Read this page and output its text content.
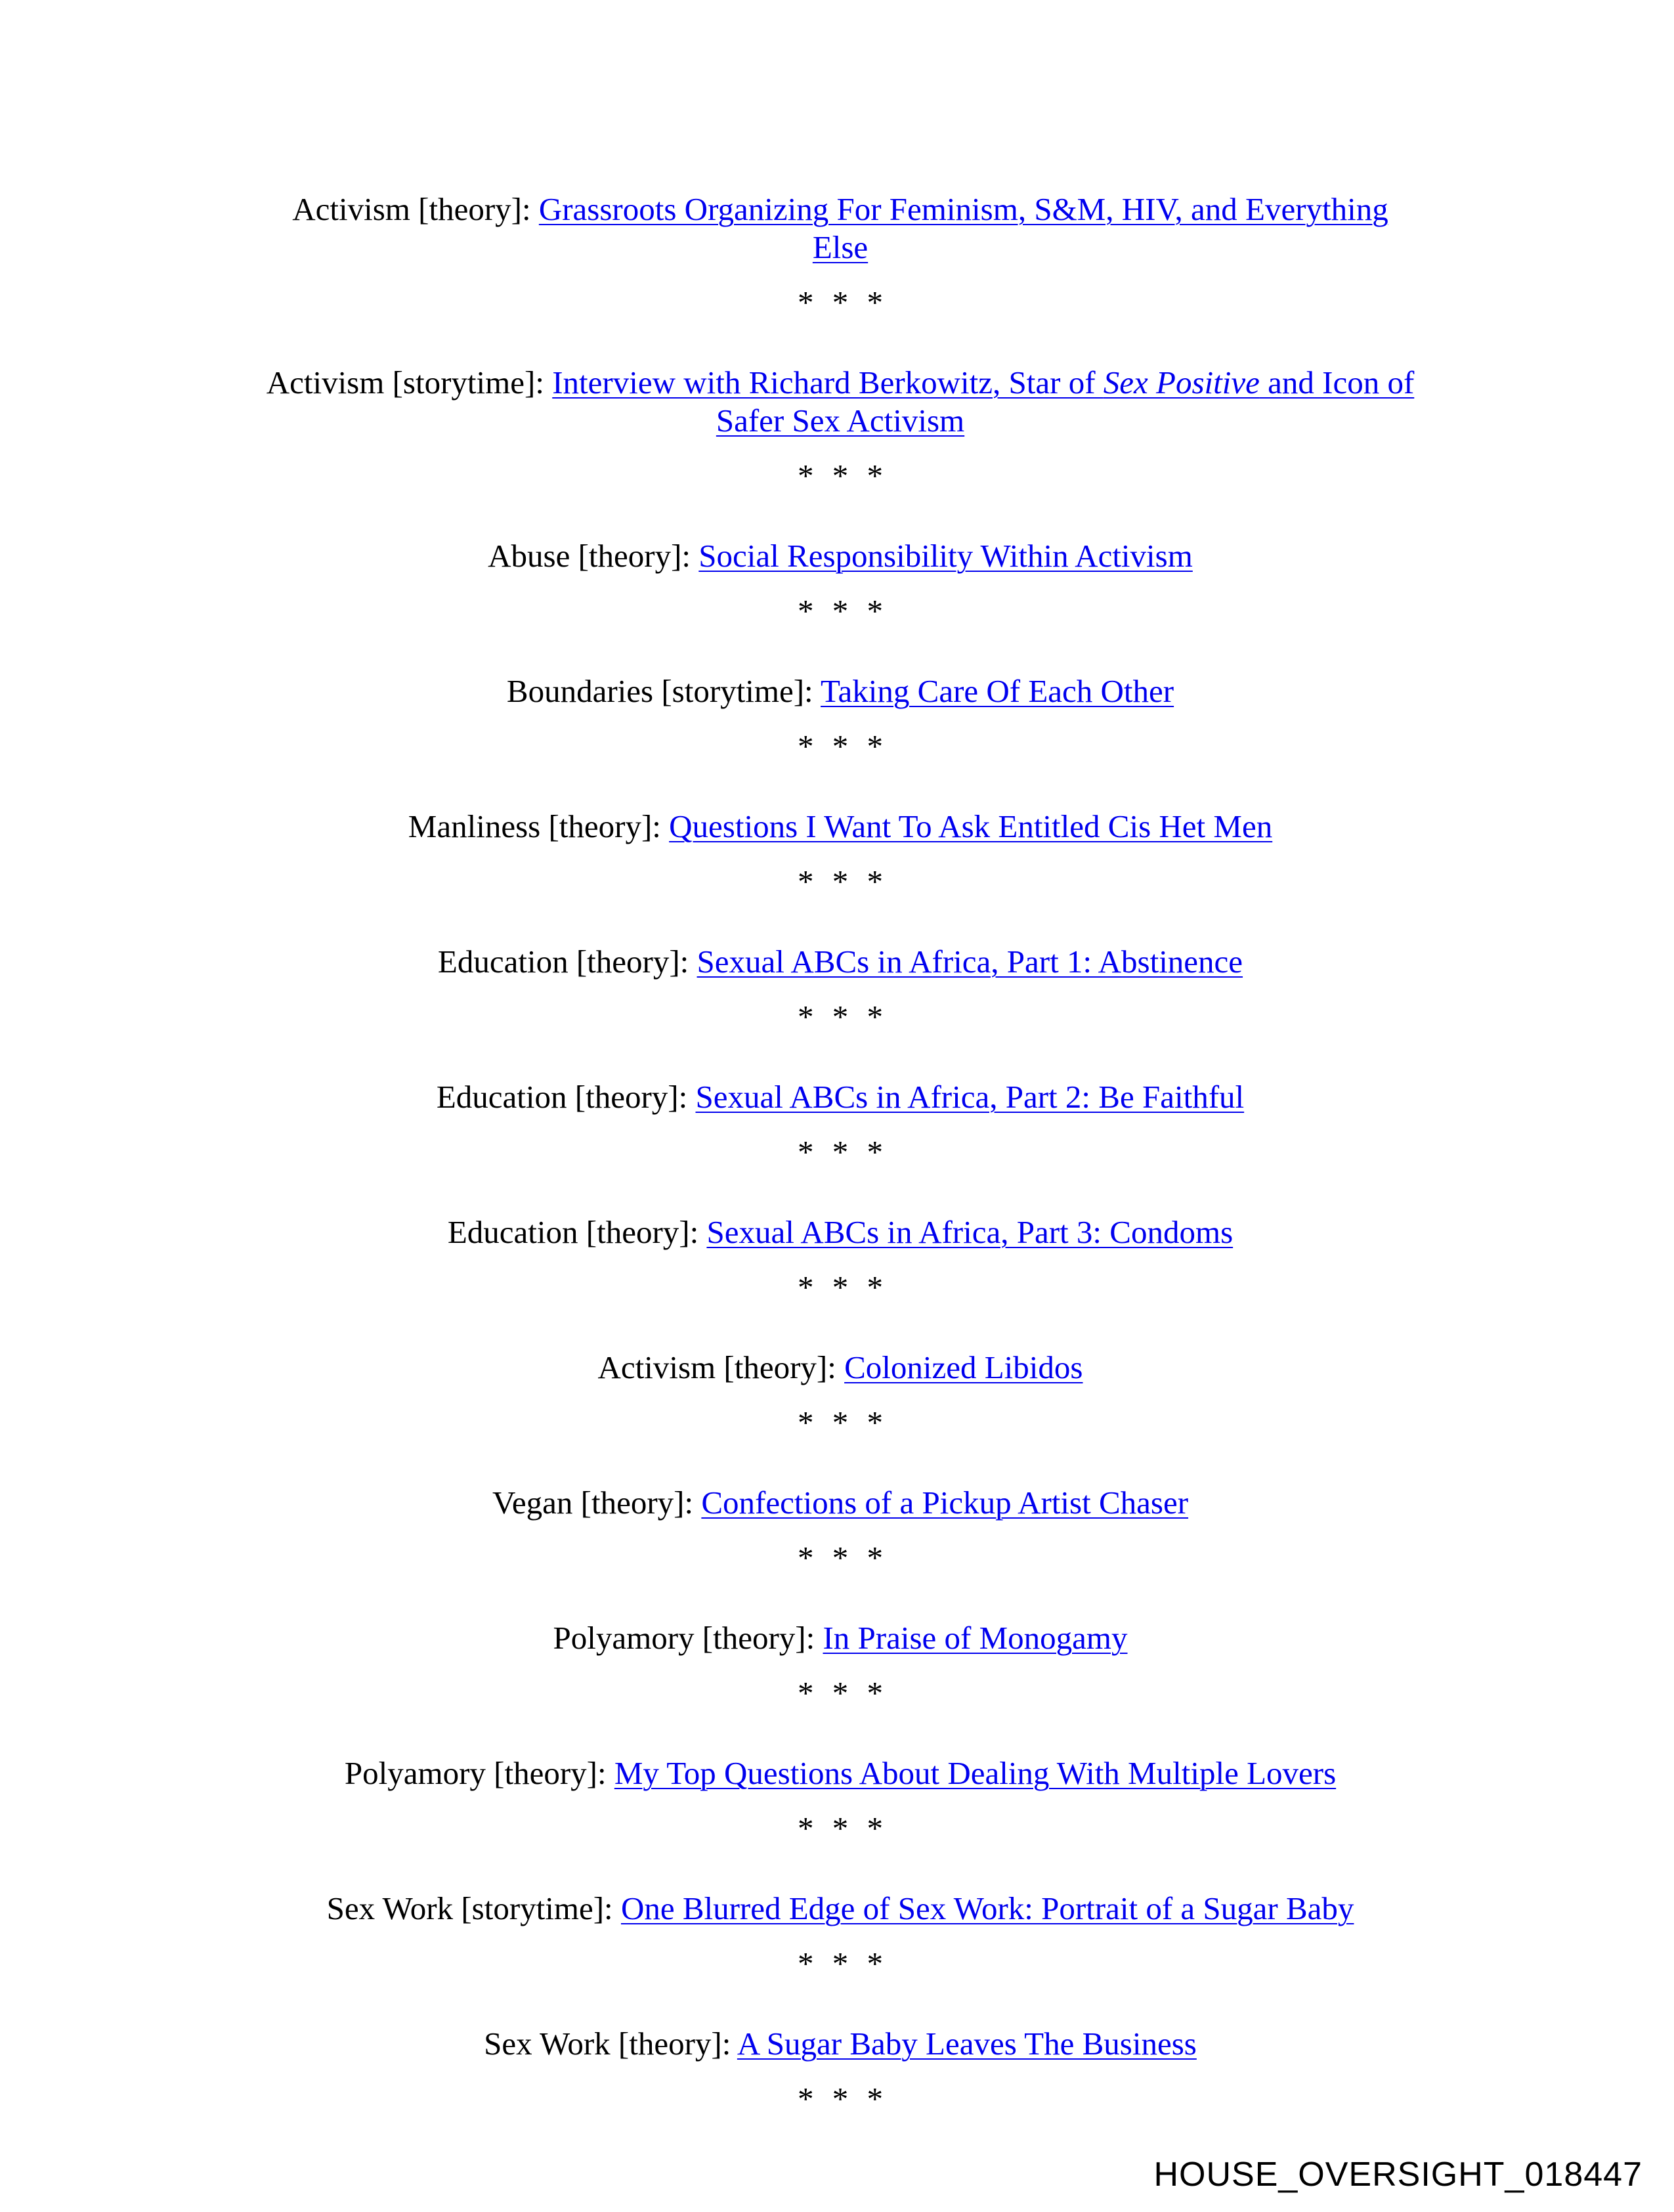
Activism [theory]: Grassroots Organizing For Feminism, S&M, HIV, and Everything
Else

* * *

Activism [storytime]: Interview with Richard Berkowitz, Star of Sex Positive and Icon of
Safer Sex Activism

* * *

Abuse [theory]: Social Responsibility Within Activism

* * *

Boundaries [storytime]: Taking Care Of Each Other

* * *

Manliness [theory]: Questions I Want To Ask Entitled Cis Het Men

* * *

Education [theory]: Sexual ABCs in Africa, Part 1: Abstinence

* * *

Education [theory]: Sexual ABCs in Africa, Part 2: Be Faithful

* * *

Education [theory]: Sexual ABCs in Africa, Part 3: Condoms

* * *

Activism [theory]: Colonized Libidos

* * *

Vegan [theory]: Confections of a Pickup Artist Chaser

* * *

Polyamory [theory]: In Praise of Monogamy

* * *

Polyamory [theory]: My Top Questions About Dealing With Multiple Lovers

* * *

Sex Work [storytime]: One Blurred Edge of Sex Work: Portrait of a Sugar Baby

* * *

Sex Work [theory]: A Sugar Baby Leaves The Business

* * *

HOUSE_OVERSIGHT_018447
